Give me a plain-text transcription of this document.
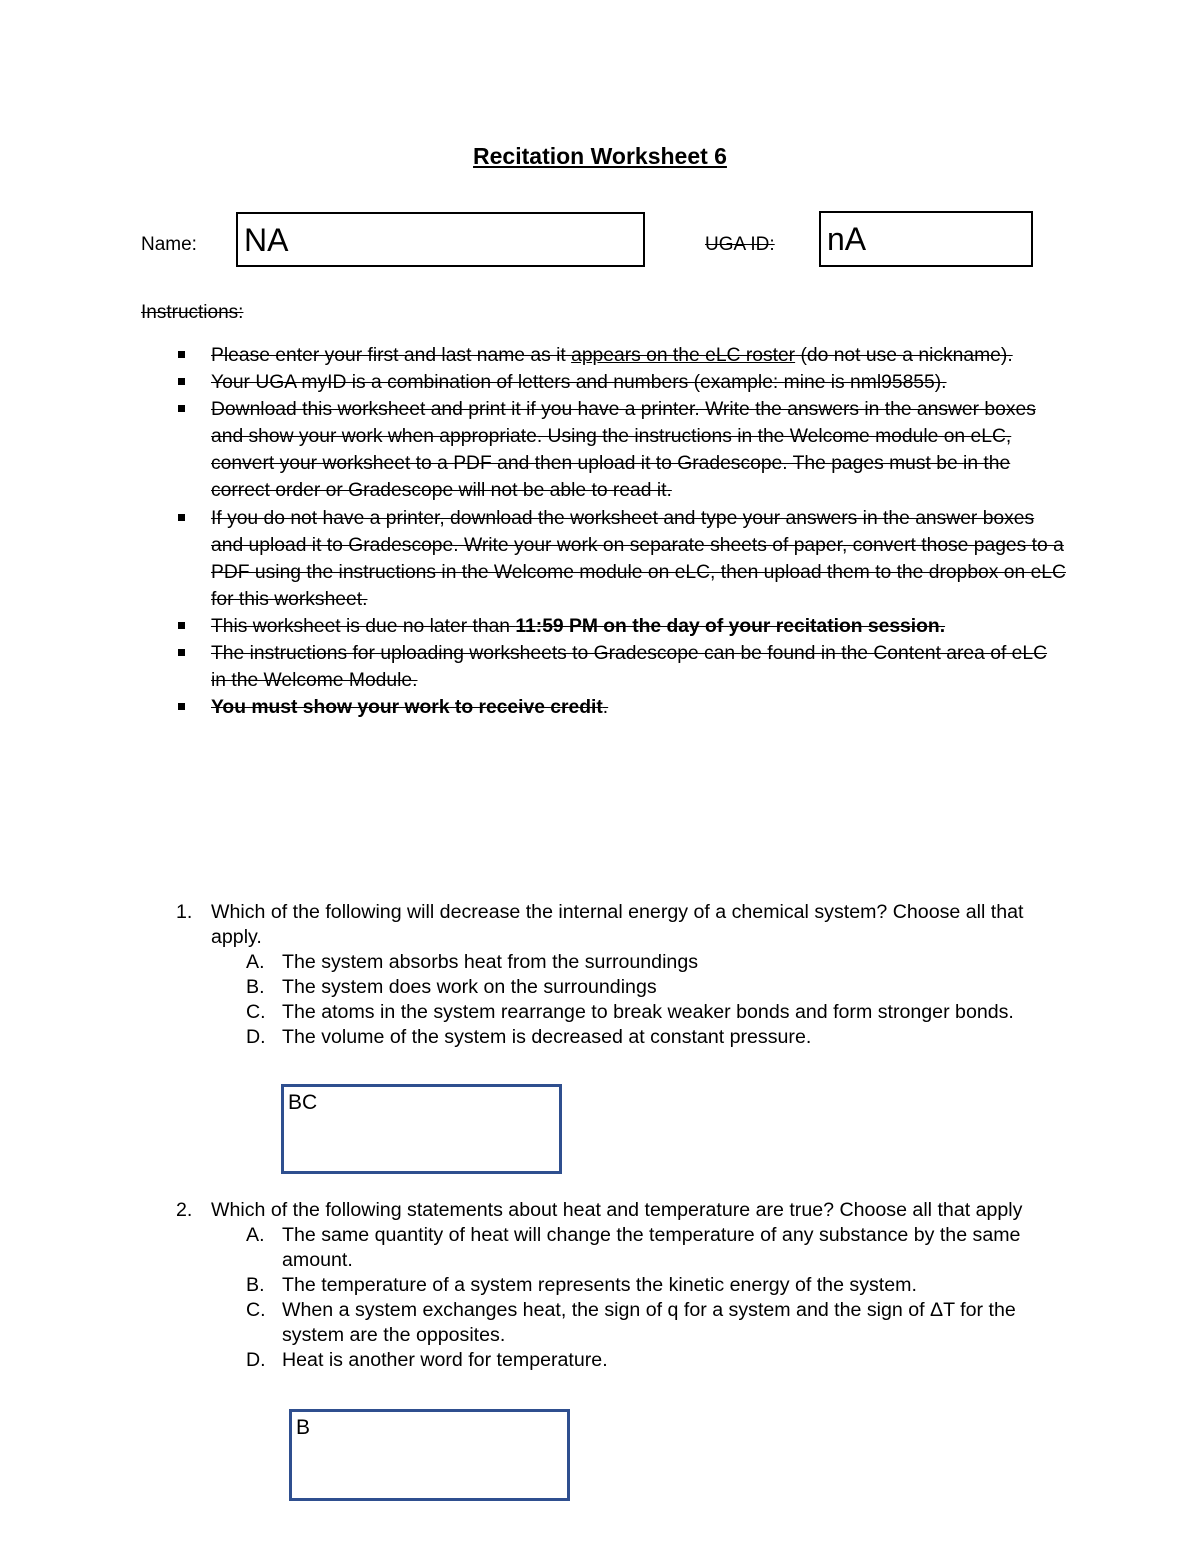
Recitation Worksheet 6
Name: NA	UGA ID: nA
Instructions:
Please enter your first and last name as it appears on the eLC roster (do not use a nickname).
Your UGA myID is a combination of letters and numbers (example: mine is nml95855).
Download this worksheet and print it if you have a printer. Write the answers in the answer boxes and show your work when appropriate. Using the instructions in the Welcome module on eLC, convert your worksheet to a PDF and then upload it to Gradescope. The pages must be in the correct order or Gradescope will not be able to read it.
If you do not have a printer, download the worksheet and type your answers in the answer boxes and upload it to Gradescope. Write your work on separate sheets of paper, convert those pages to a PDF using the instructions in the Welcome module on eLC, then upload them to the dropbox on eLC for this worksheet.
This worksheet is due no later than 11:59 PM on the day of your recitation session.
The instructions for uploading worksheets to Gradescope can be found in the Content area of eLC in the Welcome Module.
You must show your work to receive credit.
1. Which of the following will decrease the internal energy of a chemical system? Choose all that apply.
A. The system absorbs heat from the surroundings
B. The system does work on the surroundings
C. The atoms in the system rearrange to break weaker bonds and form stronger bonds.
D. The volume of the system is decreased at constant pressure.
BC
2. Which of the following statements about heat and temperature are true? Choose all that apply
A. The same quantity of heat will change the temperature of any substance by the same amount.
B. The temperature of a system represents the kinetic energy of the system.
C. When a system exchanges heat, the sign of q for a system and the sign of ΔT for the system are the opposites.
D. Heat is another word for temperature.
B
